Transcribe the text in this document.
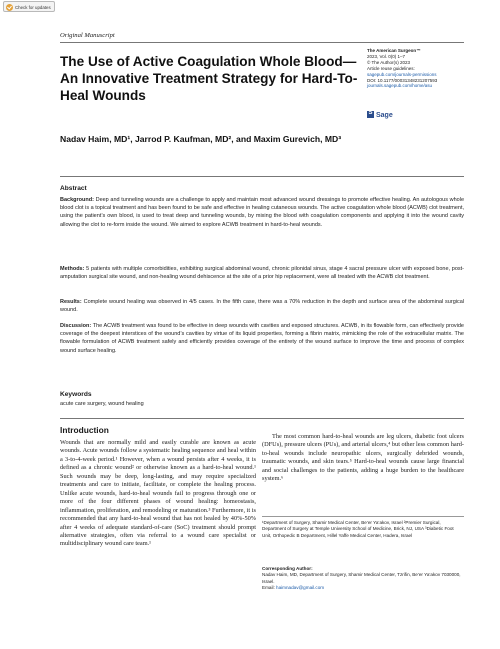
Check for updates
Original Manuscript
The Use of Active Coagulation Whole Blood—An Innovative Treatment Strategy for Hard-To-Heal Wounds
The American Surgeon™
2023, Vol. 0(0) 1–7
© The Author(s) 2023
Article reuse guidelines:
sagepub.com/journals-permissions
DOI: 10.1177/00031348231207593
journals.sagepub.com/home/asu
SSage
Nadav Haim, MD¹, Jarrod P. Kaufman, MD², and Maxim Gurevich, MD³
Abstract
Background: Deep and tunneling wounds are a challenge to apply and maintain most advanced wound dressings to promote effective healing. An autologous whole blood clot is a topical treatment and has been found to be safe and effective in healing cutaneous wounds. The active coagulation whole blood (ACWB) clot treatment, using the patient’s own blood, is used to treat deep and tunneling wounds, by mixing the blood with coagulation components and applying it into the wound cavity allowing the clot to re-form inside the wound. We aimed to explore ACWB treatment in hard-to-heal wounds.
Methods: 5 patients with multiple comorbidities, exhibiting surgical abdominal wound, chronic pilonidal sinus, stage 4 sacral pressure ulcer with exposed bone, post-amputation surgical site wound, and non-healing wound dehiscence at the site of a prior hip replacement, were all treated with the ACWB clot treatment.
Results: Complete wound healing was observed in 4/5 cases. In the fifth case, there was a 70% reduction in the depth and surface area of the abdominal surgical wound.
Discussion: The ACWB treatment was found to be effective in deep wounds with cavities and exposed structures. ACWB, in its flowable form, can effectively provide coverage of the deepest interstices of the wound’s cavities by virtue of its liquid properties, forming a fibrin matrix, mimicking the role of the extracellular matrix. The flowable formulation of ACWB treatment safely and efficiently provides coverage of the entirety of the wound surface to improve the time and process of complex wound surface healing.
Keywords
acute care surgery, wound healing
Introduction
Wounds that are normally mild and easily curable are known as acute wounds. Acute wounds follow a systematic healing sequence and heal within a 3-to-4-week period.¹ However, when a wound persists after 4 weeks, it is defined as a chronic wound² or otherwise known as a hard-to-heal wound.¹ Such wounds may be deep, long-lasting, and may require specialized treatments and care to initiate, facilitate, or complete the healing process. Unlike acute wounds, hard-to-heal wounds fail to progress through one or more of the four different phases of wound healing: homeostasis, inflammation, proliferation, and remodeling or maturation.³ Furthermore, it is recommended that any hard-to-heal wound that has not healed by 40%-50% after 4 weeks of adequate standard-of-care (SoC) treatment should prompt alternative strategies, often via referral to a wound care specialist or multidisciplinary wound care team.¹
The most common hard-to-heal wounds are leg ulcers, diabetic foot ulcers (DFUs), pressure ulcers (PUs), and arterial ulcers,⁴ but other less common hard-to-heal wounds include neuropathic ulcers, surgically debrided wounds, traumatic wounds, and skin tears.⁵ Hard-to-heal wounds cause large financial and social challenges to the patients, adding a huge burden to the healthcare system.⁶
¹Department of Surgery, Shamir Medical Center, Be’er Ya’akov, Israel ²Premier Surgical, Department of Surgery at Temple University School of Medicine, Brick, NJ, USA ³Diabetic Foot Unit, Orthopedic B Department, Hillel Yaffe Medical Center, Hadera, Israel
Corresponding Author:
Nadav Haim, MD, Department of Surgery, Shamir Medical Center, Tzrifin, Be’er Ya’akov 7030000, Israel.
Email: haimnadav@gmail.com
